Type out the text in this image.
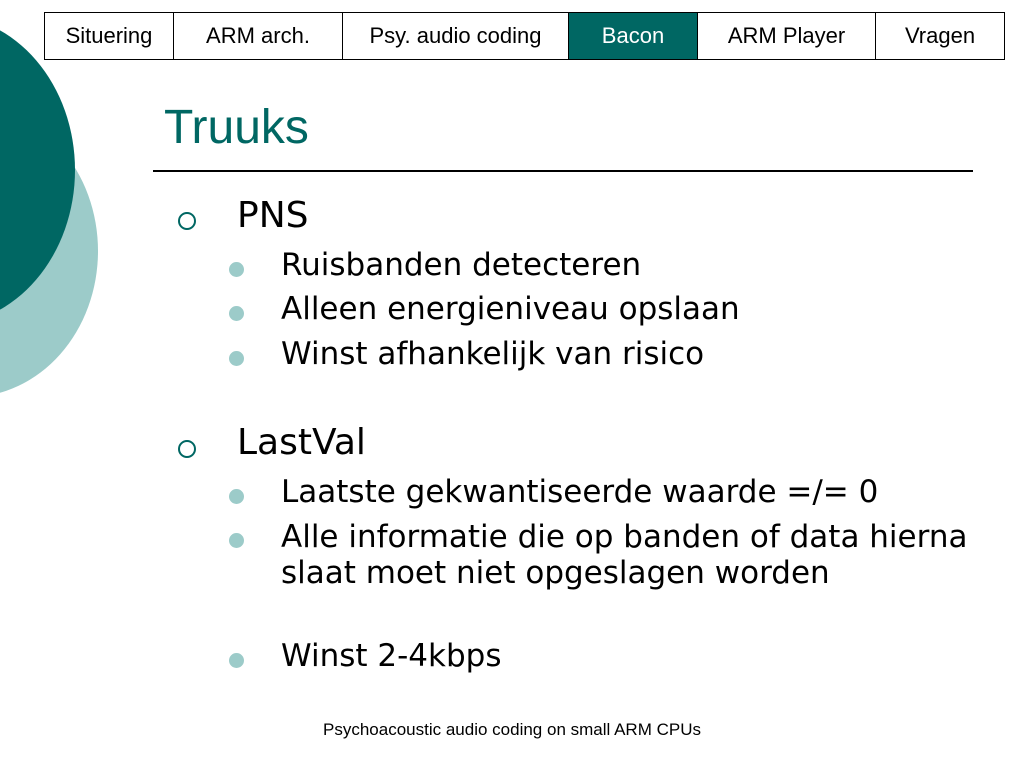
Situering	ARM arch.	Psy. audio coding	Bacon	ARM Player	Vragen
Truuks
PNS
Ruisbanden detecteren
Alleen energieniveau opslaan
Winst afhankelijk van risico
LastVal
Laatste gekwantiseerde waarde =/= 0
Alle informatie die op banden of data hierna slaat moet niet opgeslagen worden
Winst 2-4kbps
Psychoacoustic audio coding on small ARM CPUs
